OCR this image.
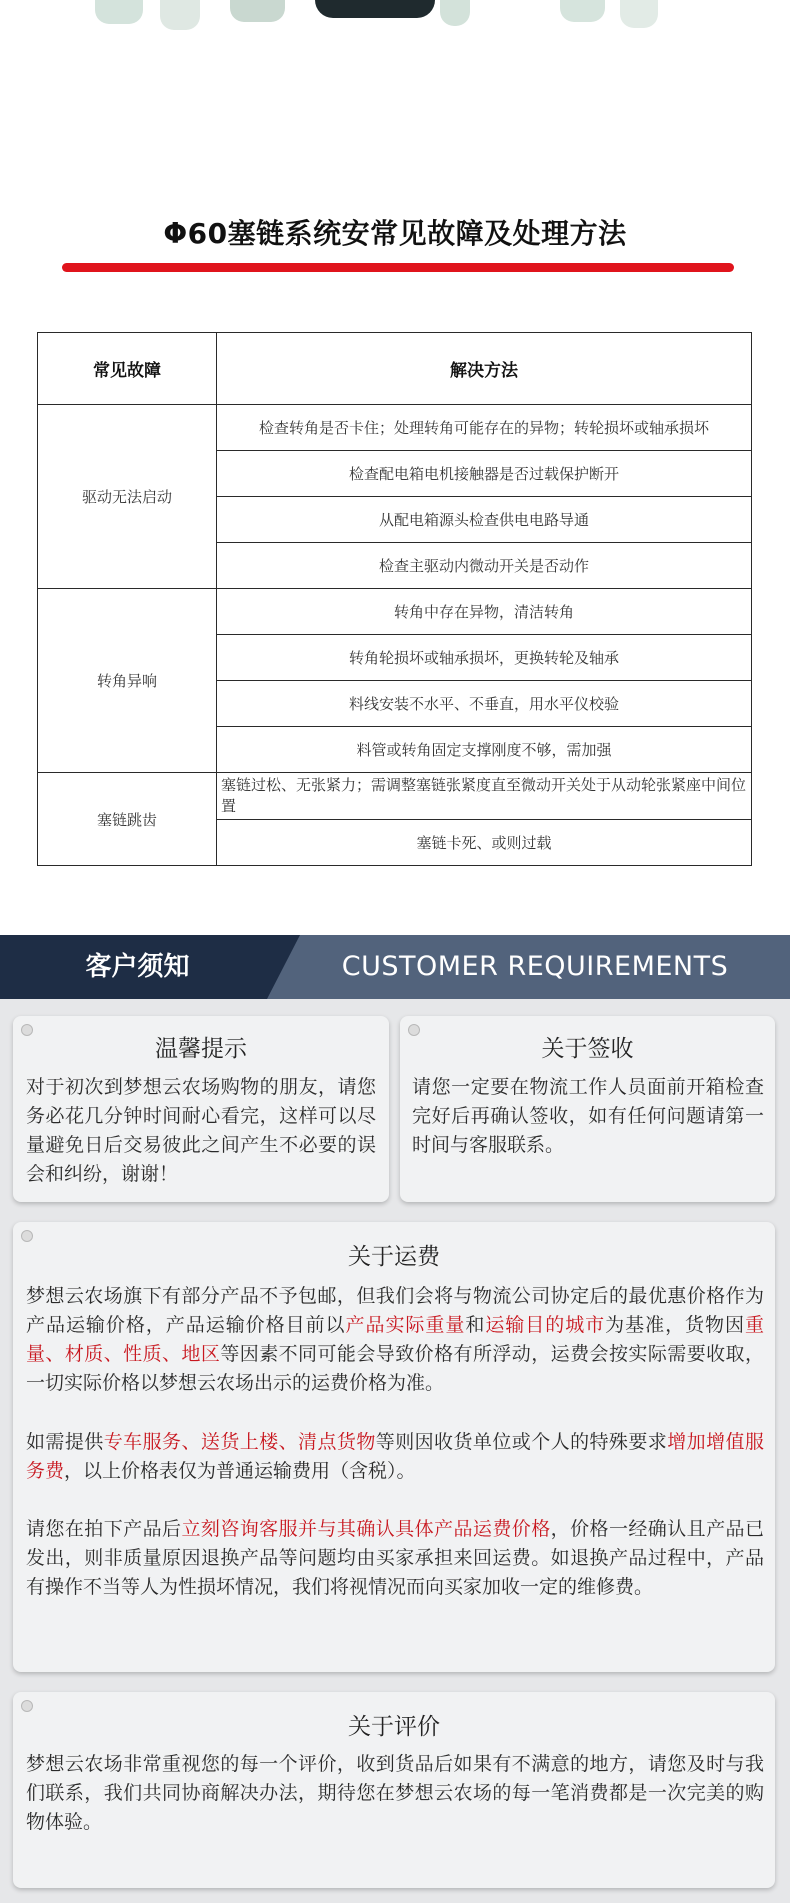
Φ60塞链系统安常见故障及处理方法
常见故障	解决方法
驱动无法启动	检查转角是否卡住；处理转角可能存在的异物；转轮损坏或轴承损坏
	检查配电箱电机接触器是否过载保护断开
	从配电箱源头检查供电电路导通
	检查主驱动内微动开关是否动作
转角异响	转角中存在异物，清洁转角
	转角轮损坏或轴承损坏，更换转轮及轴承
	料线安装不水平、不垂直，用水平仪校验
	料管或转角固定支撑刚度不够，需加强
塞链跳齿	塞链过松、无张紧力；需调整塞链张紧度直至微动开关处于从动轮张紧座中间位置
	塞链卡死、或则过载
客户须知	CUSTOMER REQUIREMENTS
温馨提示
对于初次到梦想云农场购物的朋友，请您务必花几分钟时间耐心看完，这样可以尽量避免日后交易彼此之间产生不必要的误会和纠纷，谢谢！
关于签收
请您一定要在物流工作人员面前开箱检查完好后再确认签收，如有任何问题请第一时间与客服联系。
关于运费
梦想云农场旗下有部分产品不予包邮，但我们会将与物流公司协定后的最优惠价格作为产品运输价格，产品运输价格目前以产品实际重量和运输目的城市为基准，货物因重量、材质、性质、地区等因素不同可能会导致价格有所浮动，运费会按实际需要收取，一切实际价格以梦想云农场出示的运费价格为准。
如需提供专车服务、送货上楼、清点货物等则因收货单位或个人的特殊要求增加增值服务费，以上价格表仅为普通运输费用（含税）。
请您在拍下产品后立刻咨询客服并与其确认具体产品运费价格，价格一经确认且产品已发出，则非质量原因退换产品等问题均由买家承担来回运费。如退换产品过程中，产品有操作不当等人为性损坏情况，我们将视情况而向买家加收一定的维修费。
关于评价
梦想云农场非常重视您的每一个评价，收到货品后如果有不满意的地方，请您及时与我们联系，我们共同协商解决办法，期待您在梦想云农场的每一笔消费都是一次完美的购物体验。
